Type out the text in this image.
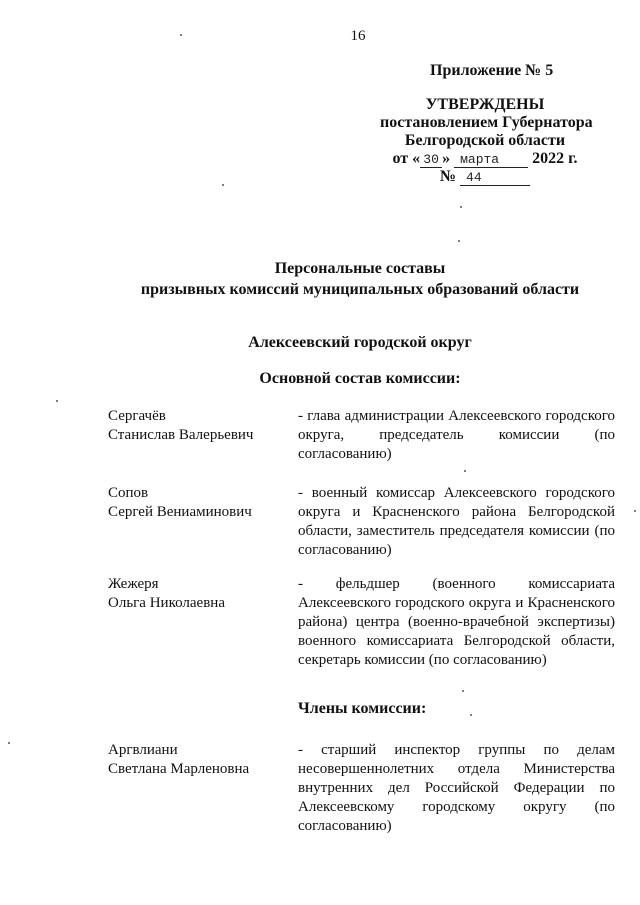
16
Приложение № 5
УТВЕРЖДЕНЫ
постановлением Губернатора
Белгородской области
от « 30 » марта 2022 г.
№ 44
Персональные составы
призывных комиссий муниципальных образований области
Алексеевский городской округ
Основной состав комиссии:
Сергачёв
Станислав Валерьевич
- глава администрации Алексеевского городского округа, председатель комиссии (по согласованию)
Сопов
Сергей Вениаминович
- военный комиссар Алексеевского городского округа и Красненского района Белгородской области, заместитель председателя комиссии (по согласованию)
Жежеря
Ольга Николаевна
- фельдшер (военного комиссариата Алексеевского городского округа и Красненского района) центра (военно-врачебной экспертизы) военного комиссариата Белгородской области, секретарь комиссии (по согласованию)
Члены комиссии:
Аргвлиани
Светлана Марленовна
- старший инспектор группы по делам несовершеннолетних отдела Министерства внутренних дел Российской Федерации по Алексеевскому городскому округу (по согласованию)
